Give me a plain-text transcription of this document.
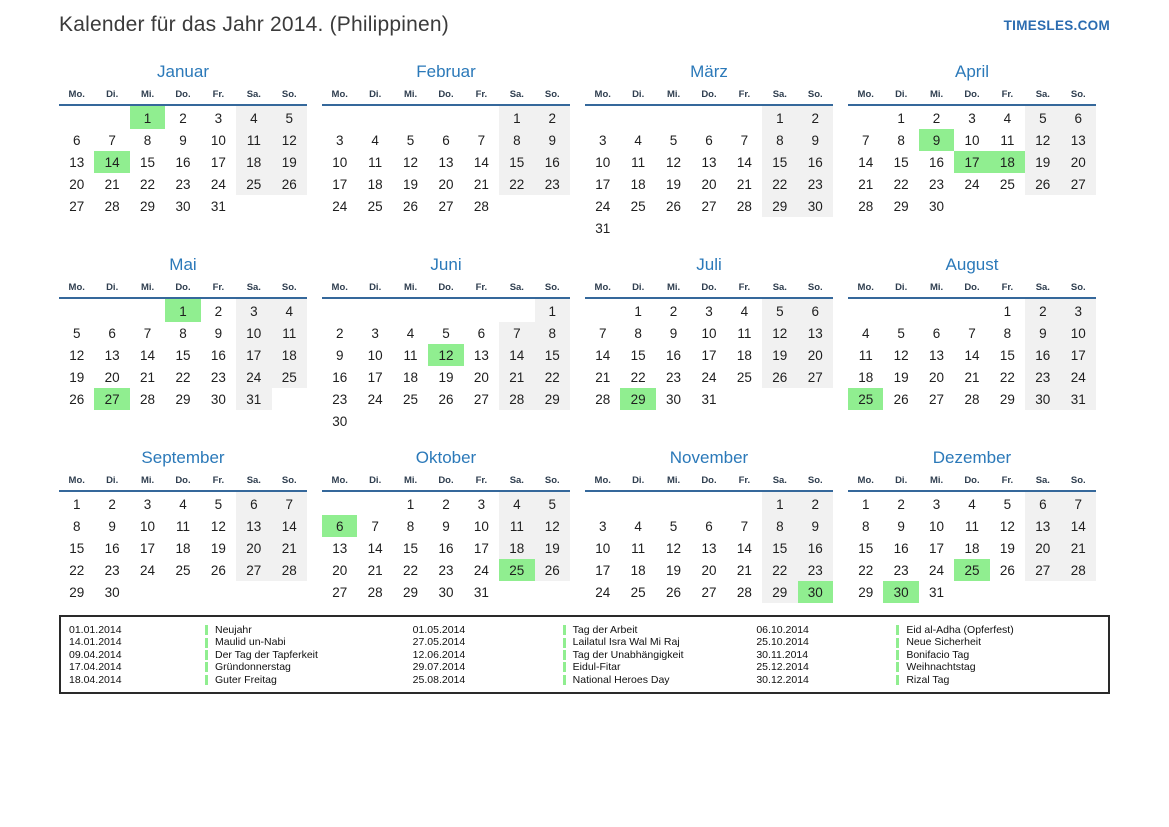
Kalender für das Jahr 2014. (Philippinen)	TIMESLES.COM
Januar
Mo.	Di.	Mi.	Do.	Fr.	Sa.	So.
		1	2	3	4	5
6	7	8	9	10	11	12
13	14	15	16	17	18	19
20	21	22	23	24	25	26
27	28	29	30	31		
Februar
Mo.	Di.	Mi.	Do.	Fr.	Sa.	So.
					1	2
3	4	5	6	7	8	9
10	11	12	13	14	15	16
17	18	19	20	21	22	23
24	25	26	27	28		
März
Mo.	Di.	Mi.	Do.	Fr.	Sa.	So.
					1	2
3	4	5	6	7	8	9
10	11	12	13	14	15	16
17	18	19	20	21	22	23
24	25	26	27	28	29	30
31						
April
Mo.	Di.	Mi.	Do.	Fr.	Sa.	So.
	1	2	3	4	5	6
7	8	9	10	11	12	13
14	15	16	17	18	19	20
21	22	23	24	25	26	27
28	29	30				
Mai
Mo.	Di.	Mi.	Do.	Fr.	Sa.	So.
			1	2	3	4
5	6	7	8	9	10	11
12	13	14	15	16	17	18
19	20	21	22	23	24	25
26	27	28	29	30	31	
Juni
Mo.	Di.	Mi.	Do.	Fr.	Sa.	So.
						1
2	3	4	5	6	7	8
9	10	11	12	13	14	15
16	17	18	19	20	21	22
23	24	25	26	27	28	29
30						
Juli
Mo.	Di.	Mi.	Do.	Fr.	Sa.	So.
	1	2	3	4	5	6
7	8	9	10	11	12	13
14	15	16	17	18	19	20
21	22	23	24	25	26	27
28	29	30	31			
August
Mo.	Di.	Mi.	Do.	Fr.	Sa.	So.
				1	2	3
4	5	6	7	8	9	10
11	12	13	14	15	16	17
18	19	20	21	22	23	24
25	26	27	28	29	30	31
September
Mo.	Di.	Mi.	Do.	Fr.	Sa.	So.
1	2	3	4	5	6	7
8	9	10	11	12	13	14
15	16	17	18	19	20	21
22	23	24	25	26	27	28
29	30					
Oktober
Mo.	Di.	Mi.	Do.	Fr.	Sa.	So.
		1	2	3	4	5
6	7	8	9	10	11	12
13	14	15	16	17	18	19
20	21	22	23	24	25	26
27	28	29	30	31		
November
Mo.	Di.	Mi.	Do.	Fr.	Sa.	So.
					1	2
3	4	5	6	7	8	9
10	11	12	13	14	15	16
17	18	19	20	21	22	23
24	25	26	27	28	29	30
Dezember
Mo.	Di.	Mi.	Do.	Fr.	Sa.	So.
1	2	3	4	5	6	7
8	9	10	11	12	13	14
15	16	17	18	19	20	21
22	23	24	25	26	27	28
29	30	31				
01.01.2014	Neujahr
14.01.2014	Maulid un-Nabi
09.04.2014	Der Tag der Tapferkeit
17.04.2014	Gründonnerstag
18.04.2014	Guter Freitag
01.05.2014	Tag der Arbeit
27.05.2014	Lailatul Isra Wal Mi Raj
12.06.2014	Tag der Unabhängigkeit
29.07.2014	Eidul-Fitar
25.08.2014	National Heroes Day
06.10.2014	Eid al-Adha (Opferfest)
25.10.2014	Neue Sicherheit
30.11.2014	Bonifacio Tag
25.12.2014	Weihnachtstag
30.12.2014	Rizal Tag
